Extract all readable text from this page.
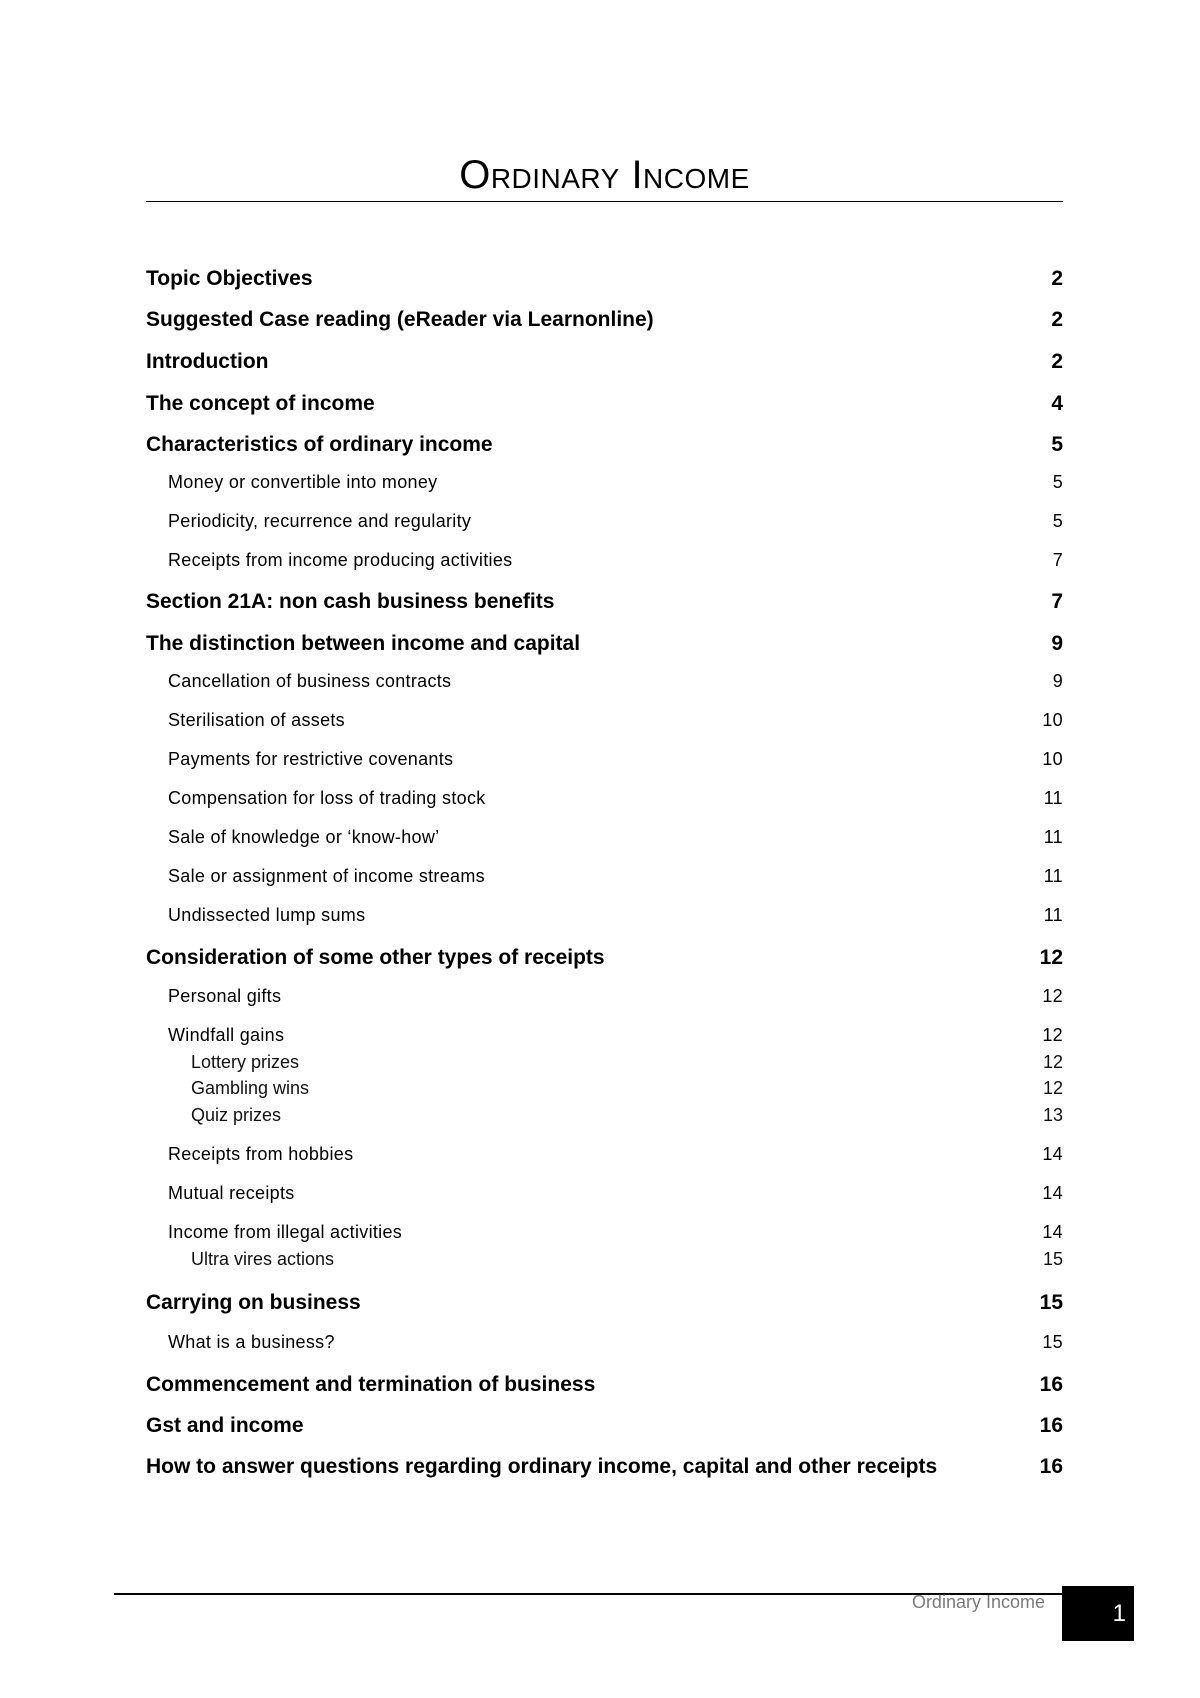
Ordinary Income
Topic Objectives	2
Suggested Case reading (eReader via Learnonline)	2
Introduction	2
The concept of income	4
Characteristics of ordinary income	5
Money or convertible into money	5
Periodicity, recurrence and regularity	5
Receipts from income producing activities	7
Section 21A: non cash business benefits	7
The distinction between income and capital	9
Cancellation of business contracts	9
Sterilisation of assets	10
Payments for restrictive covenants	10
Compensation for loss of trading stock	11
Sale of knowledge or ‘know-how’	11
Sale or assignment of income streams	11
Undissected lump sums	11
Consideration of some other types of receipts	12
Personal gifts	12
Windfall gains	12
Lottery prizes	12
Gambling wins	12
Quiz prizes	13
Receipts from hobbies	14
Mutual receipts	14
Income from illegal activities	14
Ultra vires actions	15
Carrying on business	15
What is a business?	15
Commencement and termination of business	16
Gst and income	16
How to answer questions regarding ordinary income, capital and other receipts	16
Ordinary Income	1
